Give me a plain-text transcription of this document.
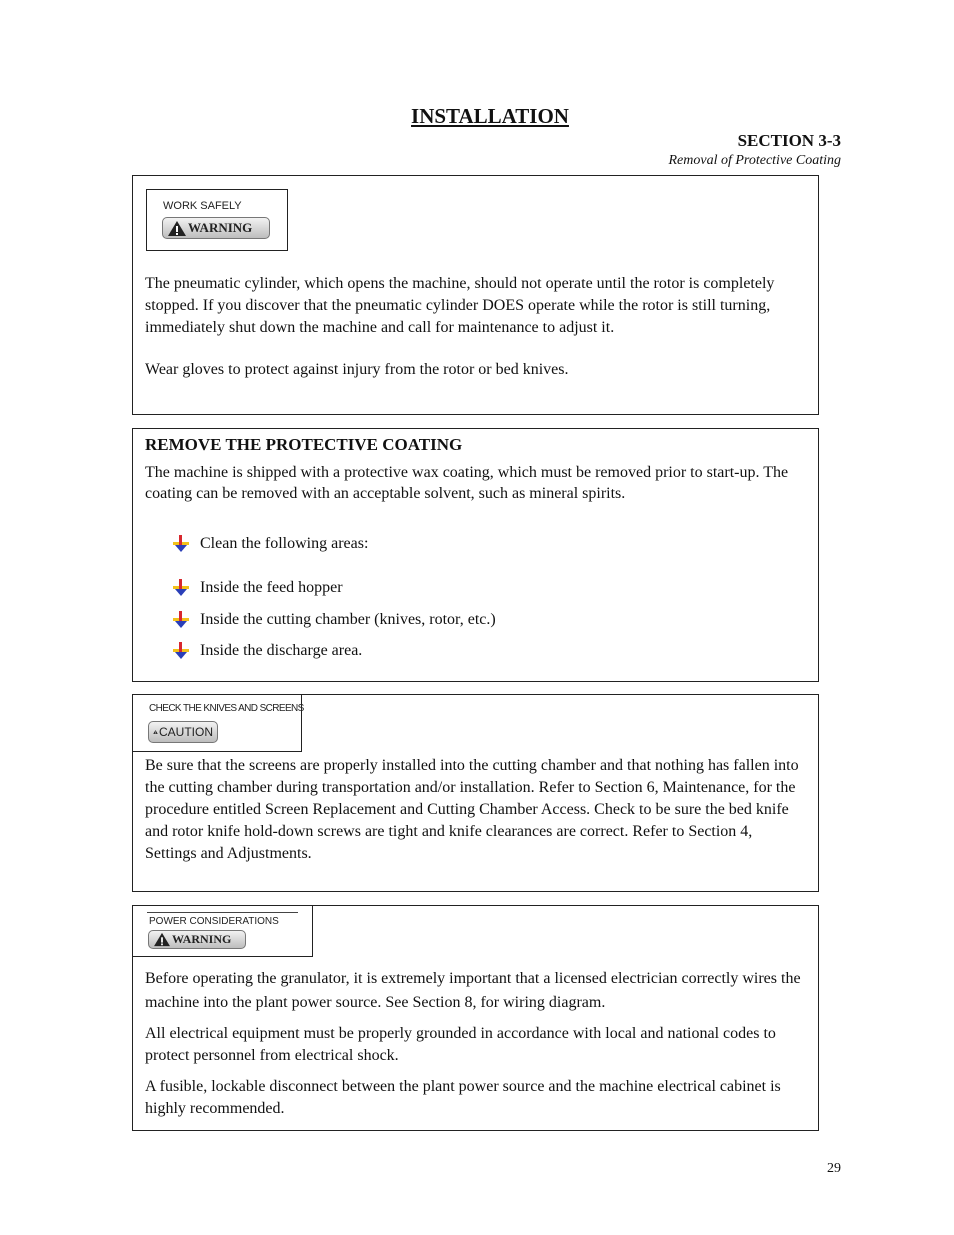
INSTALLATION
SECTION 3-3
Removal of Protective Coating
WORK SAFELY
WARNING
The pneumatic cylinder, which opens the machine, should not operate until the rotor is completely stopped. If you discover that the pneumatic cylinder DOES operate while the rotor is still turning, immediately shut down the machine and call for maintenance to adjust it.
Wear gloves to protect against injury from the rotor or bed knives.
REMOVE THE PROTECTIVE COATING
The machine is shipped with a protective wax coating, which must be removed prior to start-up. The coating can be removed with an acceptable solvent, such as mineral spirits.
Clean the following areas:
Inside the feed hopper
Inside the cutting chamber (knives, rotor, etc.)
Inside the discharge area.
CHECK THE KNIVES AND SCREENS
CAUTION
Be sure that the screens are properly installed into the cutting chamber and that nothing has fallen into the cutting chamber during transportation and/or installation. Refer to Section 6, Maintenance, for the procedure entitled Screen Replacement and Cutting Chamber Access. Check to be sure the bed knife and rotor knife hold-down screws are tight and knife clearances are correct. Refer to Section 4, Settings and Adjustments.
POWER CONSIDERATIONS
WARNING
Before operating the granulator, it is extremely important that a licensed electrician correctly wires the machine into the plant power source. See Section 8, for wiring diagram.
All electrical equipment must be properly grounded in accordance with local and national codes to protect personnel from electrical shock.
A fusible, lockable disconnect between the plant power source and the machine electrical cabinet is highly recommended.
29
